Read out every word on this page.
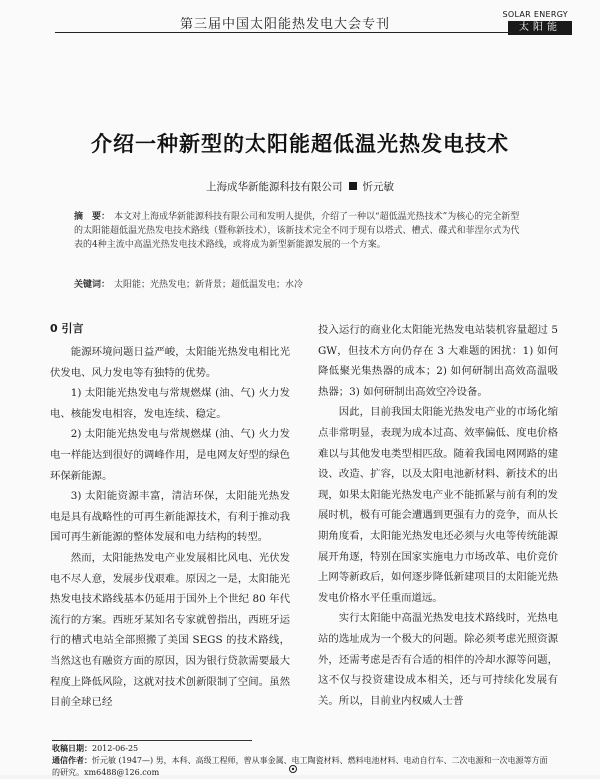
第三届中国太阳能热发电大会专刊
SOLAR ENERGY
太阳能
介绍一种新型的太阳能超低温光热发电技术
上海成华新能源科技有限公司 忻元敏
摘　要： 本文对上海成华新能源科技有限公司和发明人提供，介绍了一种以“超低温光热技术”为核心的完全新型的太阳能超低温光热发电技术路线（暨称新技术），该新技术完全不同于现有以塔式、槽式、碟式和菲涅尔式为代表的4种主流中高温光热发电技术路线，或将成为新型新能源发展的一个方案。
关键词： 太阳能；光热发电；新背景；超低温发电；水冷
0 引言

能源环境问题日益严峻，太阳能光热发电相比光伏发电、风力发电等有独特的优势。

1) 太阳能光热发电与常规燃煤 (油、气) 火力发电、核能发电相容，发电连续、稳定。

2) 太阳能光热发电与常规燃煤 (油、气) 火力发电一样能达到很好的调峰作用，是电网友好型的绿色环保新能源。

3) 太阳能资源丰富，清洁环保，太阳能光热发电是具有战略性的可再生新能源技术，有利于推动我国可再生新能源的整体发展和电力结构的转型。

然而，太阳能热发电产业发展相比风电、光伏发电不尽人意，发展步伐艰难。原因之一是，太阳能光热发电技术路线基本仍延用于国外上个世纪 80 年代流行的方案。西班牙某知名专家就曾指出，西班牙运行的槽式电站全部照搬了美国 SEGS 的技术路线，当然这也有融资方面的原因，因为银行贷款需要最大程度上降低风险，这就对技术创新限制了空间。虽然目前全球已经

投入运行的商业化太阳能光热发电站装机容量超过 5 GW，但技术方向仍存在 3 大难题的困扰：1) 如何降低聚光集热器的成本；2) 如何研制出高效高温吸热器；3) 如何研制出高效空冷设备。

因此，目前我国太阳能光热发电产业的市场化缩点非常明显，表现为成本过高、效率偏低、度电价格难以与其他发电类型相匹敌。随着我国电网网路的建设、改造、扩容，以及太阳电池新材料、新技术的出现，如果太阳能光热发电产业不能抓紧与前有利的发展时机，极有可能会遭遇到更强有力的竞争，而从长期角度看，太阳能光热发电还必须与火电等传统能源展开角逐，特别在国家实施电力市场改革、电价竞价上网等新政后，如何逐步降低新建项目的太阳能光热发电价格水平任重而道远。

实行太阳能中高温光热发电技术路线时，光热电站的选址成为一个极大的问题。除必须考虑光照资源外，还需考虑是否有合适的相伴的冷却水源等问题，这不仅与投资建设成本相关，还与可持续化发展有关。所以，目前业内权威人士普

收稿日期：2012-06-25
通信作者：忻元敏 (1947—) 男，本科、高级工程师，曾从事金属、电工陶瓷材料、燃料电池材料、电动自行车、二次电源和一次电源等方面的研究。xm6488@126.com
